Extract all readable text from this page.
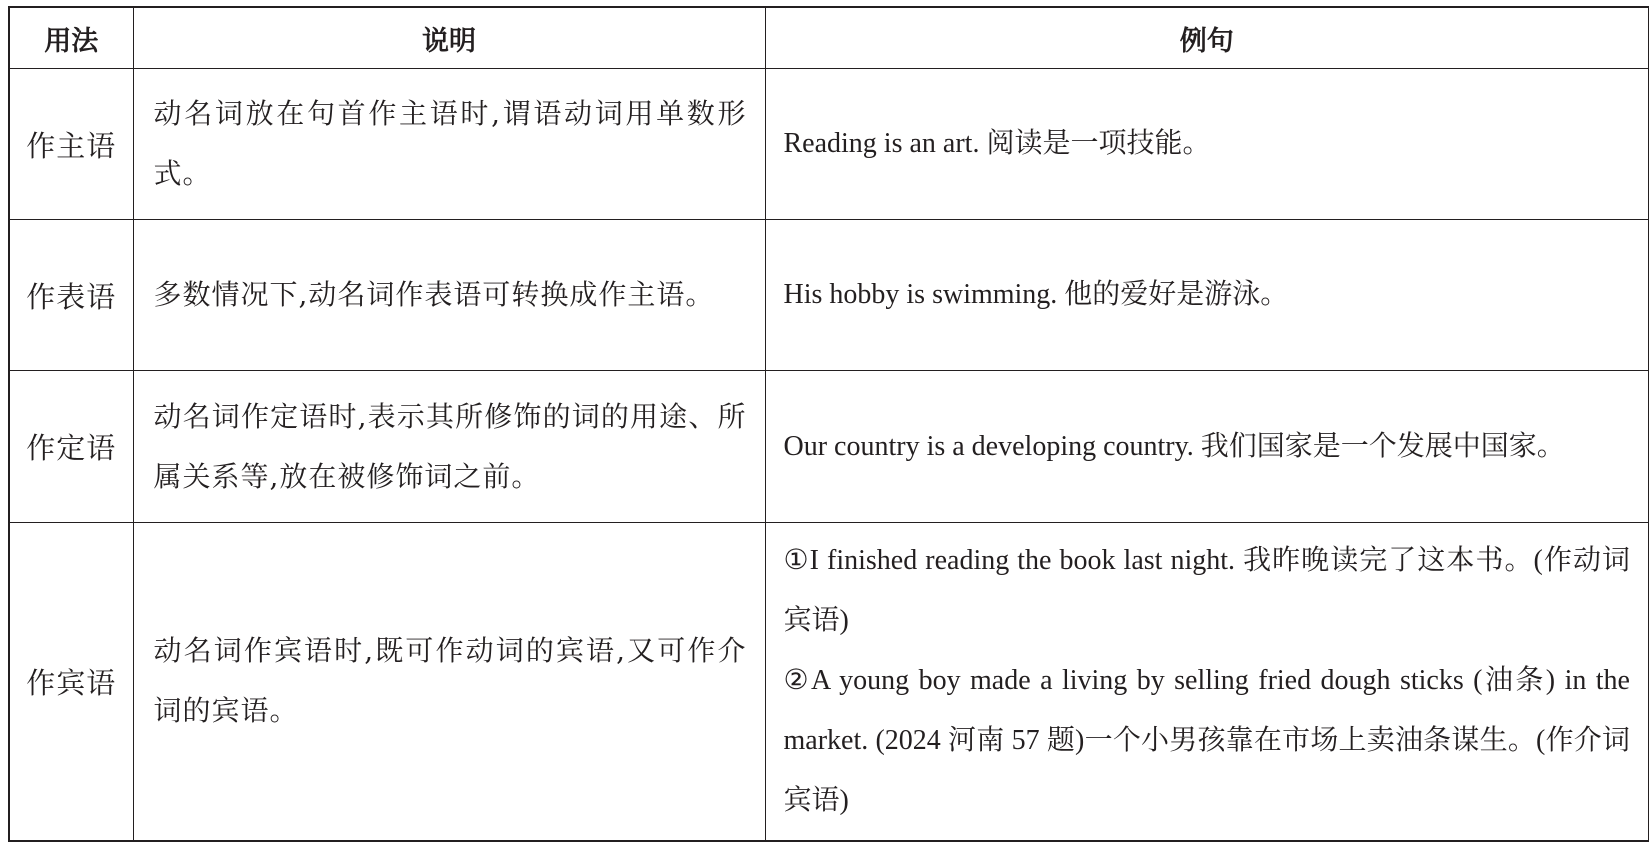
用法	说明	例句
作主语	动名词放在句首作主语时,谓语动词用单数形式。	Reading is an art. 阅读是一项技能。

作表语	多数情况下,动名词作表语可转换成作主语。	His hobby is swimming. 他的爱好是游泳。

作定语	动名词作定语时,表示其所修饰的词的用途、所属关系等,放在被修饰词之前。	Our country is a developing country. 我们国家是一个发展中国家。

作宾语	动名词作宾语时,既可作动词的宾语,又可作介词的宾语。	①I finished reading the book last night. 我昨晚读完了这本书。(作动词宾语)
②A young boy made a living by selling fried dough sticks (油条) in the market. (2024 河南 57 题)一个小男孩靠在市场上卖油条谋生。(作介词宾语)
